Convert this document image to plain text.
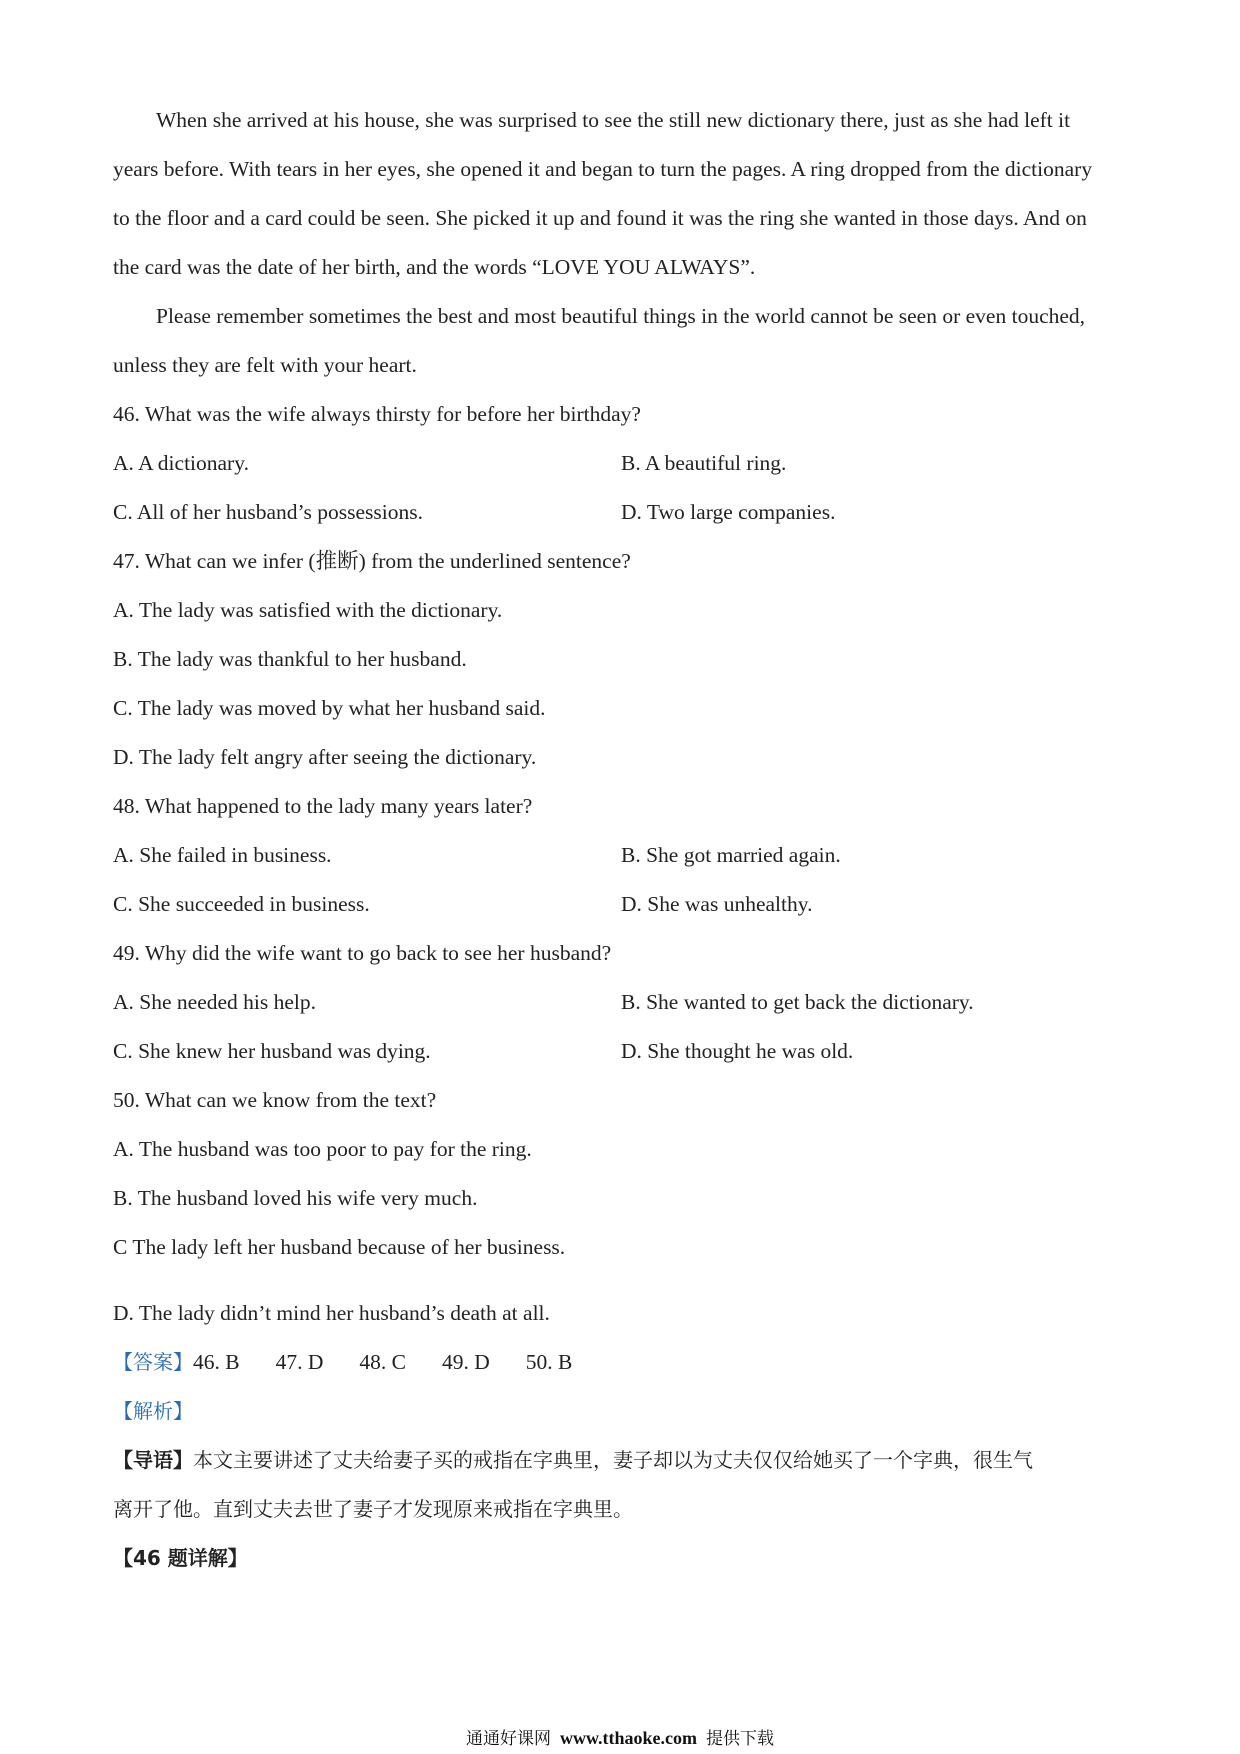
When she arrived at his house, she was surprised to see the still new dictionary there, just as she had left it

years before. With tears in her eyes, she opened it and began to turn the pages. A ring dropped from the dictionary

to the floor and a card could be seen. She picked it up and found it was the ring she wanted in those days. And on

the card was the date of her birth, and the words “LOVE YOU ALWAYS”.

Please remember sometimes the best and most beautiful things in the world cannot be seen or even touched,

unless they are felt with your heart.

46. What was the wife always thirsty for before her birthday?

A. A dictionary.	B. A beautiful ring.

C. All of her husband’s possessions.	D. Two large companies.

47. What can we infer (推断) from the underlined sentence?

A. The lady was satisfied with the dictionary.

B. The lady was thankful to her husband.

C. The lady was moved by what her husband said.

D. The lady felt angry after seeing the dictionary.

48. What happened to the lady many years later?

A. She failed in business.	B. She got married again.

C. She succeeded in business.	D. She was unhealthy.

49. Why did the wife want to go back to see her husband?

A. She needed his help.	B. She wanted to get back the dictionary.

C. She knew her husband was dying.	D. She thought he was old.

50. What can we know from the text?

A. The husband was too poor to pay for the ring.

B. The husband loved his wife very much.

C The lady left her husband because of her business.

D. The lady didn’t mind her husband’s death at all.

【答案】46. B 47. D 48. C 49. D 50. B

【解析】

【导语】本文主要讲述了丈夫给妻子买的戒指在字典里，妻子却以为丈夫仅仅给她买了一个字典，很生气

离开了他。直到丈夫去世了妻子才发现原来戒指在字典里。

【46 题详解】

通通好课网 www.tthaoke.com 提供下载
